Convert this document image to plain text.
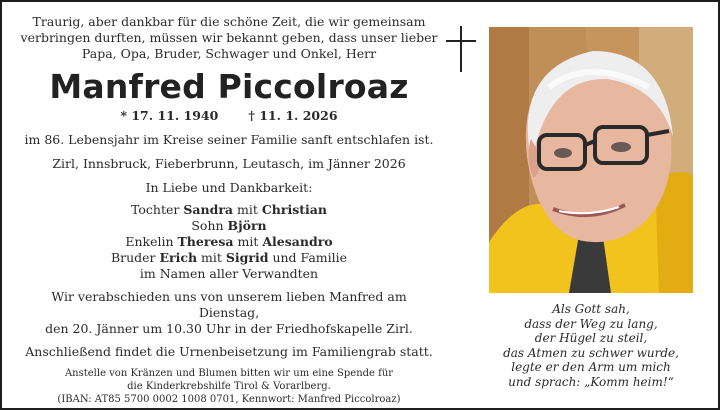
Traurig, aber dankbar für die schöne Zeit, die wir gemeinsam

verbringen durften, müssen wir bekannt geben, dass unser lieber

Papa, Opa, Bruder, Schwager und Onkel, Herr

Manfred Piccolroaz
* 17. 11. 1940 † 11. 1. 2026

im 86. Lebensjahr im Kreise seiner Familie sanft entschlafen ist.

Zirl, Innsbruck, Fieberbrunn, Leutasch, im Jänner 2026

In Liebe und Dankbarkeit:

Tochter Sandra mit Christian
Sohn Björn
Enkelin Theresa mit Alesandro
Bruder Erich mit Sigrid und Familie
im Namen aller Verwandten

Wir verabschieden uns von unserem lieben Manfred am Dienstag,

den 20. Jänner um 10.30 Uhr in der Friedhofskapelle Zirl.

Anschließend findet die Urnenbeisetzung im Familiengrab statt.

Anstelle von Kränzen und Blumen bitten wir um eine Spende für

die Kinderkrebshilfe Tirol & Vorarlberg.

(IBAN: AT85 5700 0002 1008 0701, Kennwort: Manfred Piccolroaz)

Als Gott sah,
dass der Weg zu lang,
der Hügel zu steil,
das Atmen zu schwer wurde,
legte er den Arm um mich
und sprach: „Komm heim!“
